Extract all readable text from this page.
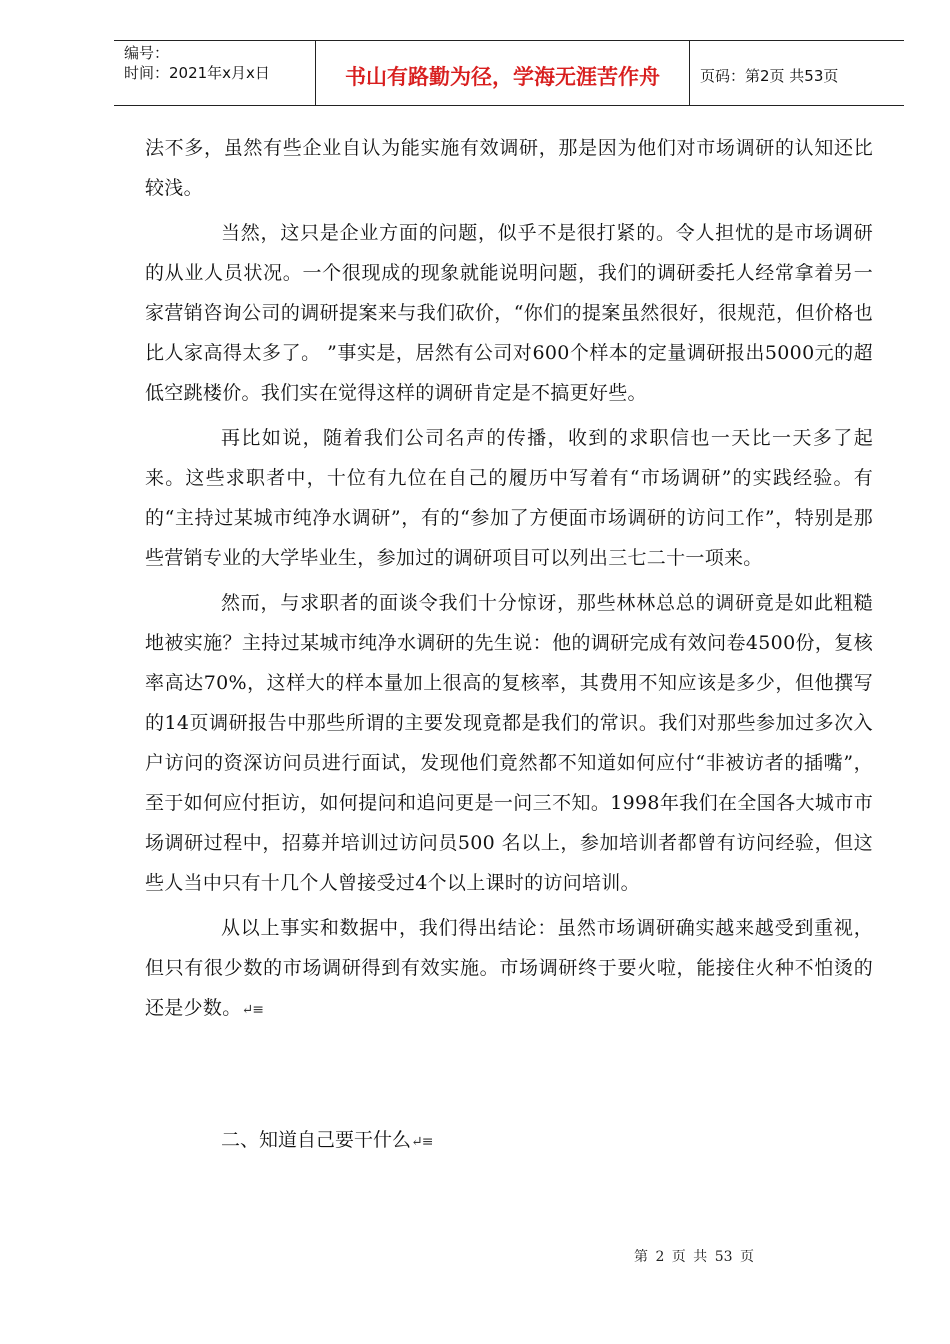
编号：
时间：2021年x月x日	书山有路勤为径，学海无涯苦作舟	页码：第2页 共53页

法不多，虽然有些企业自认为能实施有效调研，那是因为他们对市场调研的认知还比较浅。

当然，这只是企业方面的问题，似乎不是很打紧的。令人担忧的是市场调研的从业人员状况。一个很现成的现象就能说明问题，我们的调研委托人经常拿着另一家营销咨询公司的调研提案来与我们砍价，“你们的提案虽然很好，很规范，但价格也比人家高得太多了。 ”事实是，居然有公司对600个样本的定量调研报出5000元的超低空跳楼价。我们实在觉得这样的调研肯定是不搞更好些。

再比如说，随着我们公司名声的传播，收到的求职信也一天比一天多了起来。这些求职者中，十位有九位在自己的履历中写着有“市场调研”的实践经验。有的“主持过某城市纯净水调研”，有的“参加了方便面市场调研的访问工作”，特别是那些营销专业的大学毕业生，参加过的调研项目可以列出三七二十一项来。

然而，与求职者的面谈令我们十分惊讶，那些林林总总的调研竟是如此粗糙地被实施？主持过某城市纯净水调研的先生说：他的调研完成有效问卷4500份，复核率高达70%，这样大的样本量加上很高的复核率，其费用不知应该是多少，但他撰写的14页调研报告中那些所谓的主要发现竟都是我们的常识。我们对那些参加过多次入户访问的资深访问员进行面试，发现他们竟然都不知道如何应付“非被访者的插嘴”，至于如何应付拒访，如何提问和追问更是一问三不知。1998年我们在全国各大城市市场调研过程中，招募并培训过访问员500 名以上，参加培训者都曾有访问经验，但这些人当中只有十几个人曾接受过4个以上课时的访问培训。

从以上事实和数据中，我们得出结论：虽然市场调研确实越来越受到重视，但只有很少数的市场调研得到有效实施。市场调研终于要火啦，能接住火种不怕烫的还是少数。↵≡

二、知道自己要干什么↵≡
第 2 页 共 53 页
